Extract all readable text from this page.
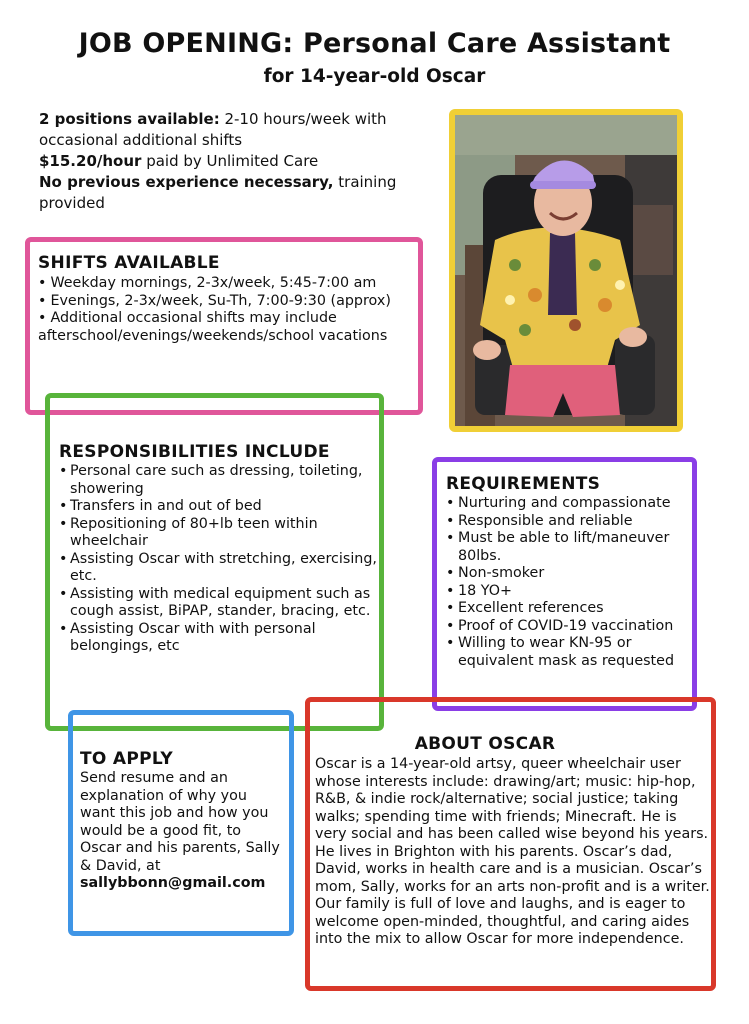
JOB OPENING: Personal Care Assistant
for 14-year-old Oscar
2 positions available: 2-10 hours/week with occasional additional shifts
$15.20/hour paid by Unlimited Care
No previous experience necessary, training provided
SHIFTS AVAILABLE
• Weekday mornings, 2-3x/week, 5:45-7:00 am
• Evenings, 2-3x/week, Su-Th, 7:00-9:30 (approx)
• Additional occasional shifts may include afterschool/evenings/weekends/school vacations
RESPONSIBILITIES INCLUDE
• Personal care such as dressing, toileting, showering
• Transfers in and out of bed
• Repositioning of 80+lb teen within wheelchair
• Assisting Oscar with stretching, exercising, etc.
• Assisting with medical equipment such as cough assist, BiPAP, stander, bracing, etc.
• Assisting Oscar with with personal belongings, etc
REQUIREMENTS
• Nurturing and compassionate
• Responsible and reliable
• Must be able to lift/maneuver 80lbs.
• Non-smoker
• 18 YO+
• Excellent references
• Proof of COVID-19 vaccination
• Willing to wear KN-95 or equivalent mask as requested
TO APPLY
Send resume and an explanation of why you want this job and how you would be a good fit, to Oscar and his parents, Sally & David, at
sallybbonn@gmail.com
ABOUT OSCAR
Oscar is a 14-year-old artsy, queer wheelchair user whose interests include: drawing/art; music: hip-hop, R&B, & indie rock/alternative; social justice; taking walks; spending time with friends; Minecraft. He is very social and has been called wise beyond his years. He lives in Brighton with his parents. Oscar’s dad, David, works in health care and is a musician. Oscar’s mom, Sally, works for an arts non-profit and is a writer. Our family is full of love and laughs, and is eager to welcome open-minded, thoughtful, and caring aides into the mix to allow Oscar for more independence.
